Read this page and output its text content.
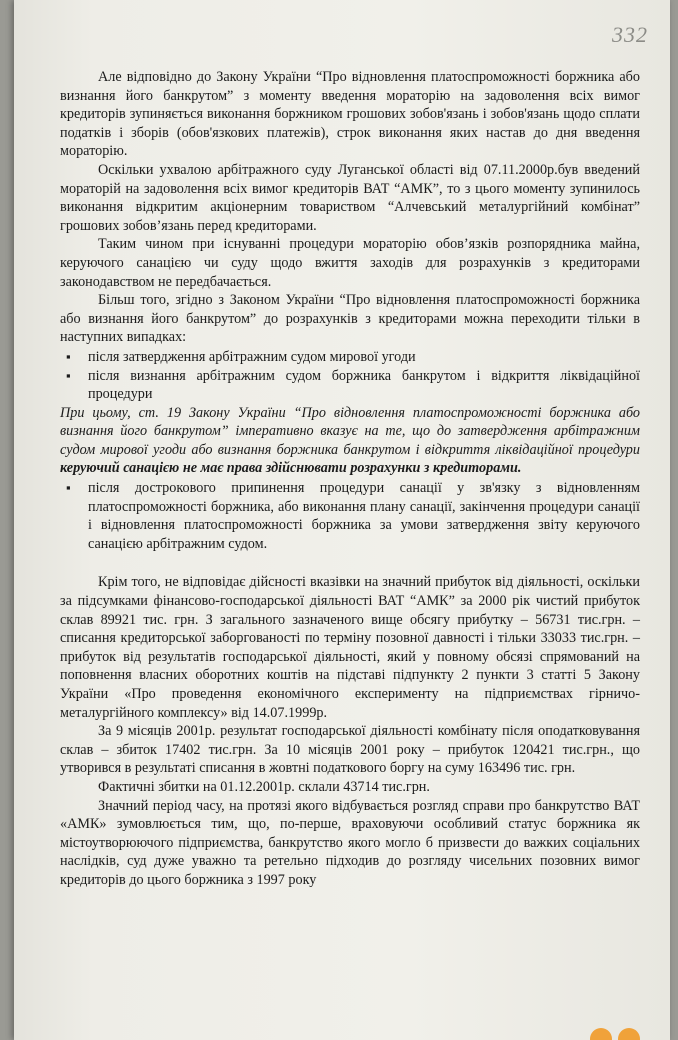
332

Але відповідно до Закону України “Про відновлення платоспроможності боржника або визнання його банкрутом” з моменту введення мораторію на задоволення всіх вимог кредиторів зупиняється виконання боржником грошових зобов'язань і зобов'язань щодо сплати податків і зборів (обов'язкових платежів), строк виконання яких настав до дня введення мораторію.

Оскільки ухвалою арбітражного суду Луганської області від 07.11.2000р.був введений мораторій на задоволення всіх вимог кредиторів ВАТ “АМК”, то з цього моменту зупинилось виконання відкритим акціонерним товариством “Алчевський металургійний комбінат” грошових зобов’язань перед кредиторами.

Таким чином при існуванні процедури мораторію обов’язків розпорядника майна, керуючого санацією чи суду щодо вжиття заходів для розрахунків з кредиторами законодавством не передбачається.

Більш того, згідно з Законом України “Про відновлення платоспроможності боржника або визнання його банкрутом” до розрахунків з кредиторами можна переходити тільки в наступних випадках:

▪ після затвердження арбітражним судом мирової угоди
▪ після визнання арбітражним судом боржника банкрутом і відкриття ліквідаційної процедури

При цьому, ст. 19 Закону України “Про відновлення платоспроможності боржника або визнання його банкрутом” імперативно вказує на те, що до затвердження арбітражним судом мирової угоди або визнання боржника банкрутом і відкриття ліквідаційної процедури керуючий санацією не має права здійснювати розрахунки з кредиторами.

▪ після дострокового припинення процедури санації у зв'язку з відновленням платоспроможності боржника, або виконання плану санації, закінчення процедури санації і відновлення платоспроможності боржника за умови затвердження звіту керуючого санацією арбітражним судом.

Крім того, не відповідає дійсності вказівки на значний прибуток від діяльності, оскільки за підсумками фінансово-господарської діяльності ВАТ “АМК” за 2000 рік чистий прибуток склав 89921 тис. грн. З загального зазначеного вище обсягу прибутку – 56731 тис.грн. – списання кредиторської заборгованості по терміну позовної давності і тільки 33033 тис.грн. – прибуток від результатів господарської діяльності, який у повному обсязі спрямований на поповнення власних оборотних коштів на підставі підпункту 2 пункти 3 статті 5 Закону України «Про проведення економічного експерименту на підприємствах гірничо-металургійного комплексу» від 14.07.1999р.

За 9 місяців 2001р. результат господарської діяльності комбінату після оподатковування склав – збиток 17402 тис.грн. За 10 місяців 2001 року – прибуток 120421 тис.грн., що утворився в результаті списання в жовтні податкового боргу на суму 163496 тис. грн.

Фактичні збитки на 01.12.2001р. склали 43714 тис.грн.

Значний період часу, на протязі якого відбувається розгляд справи про банкрутство ВАТ «АМК» зумовлюється тим, що, по-перше, враховуючи особливий статус боржника як містоутворюючого підприємства, банкрутство якого могло б призвести до важких соціальних наслідків, суд дуже уважно та ретельно підходив до розгляду чисельних позовних вимог кредиторів до цього боржника з 1997 року
